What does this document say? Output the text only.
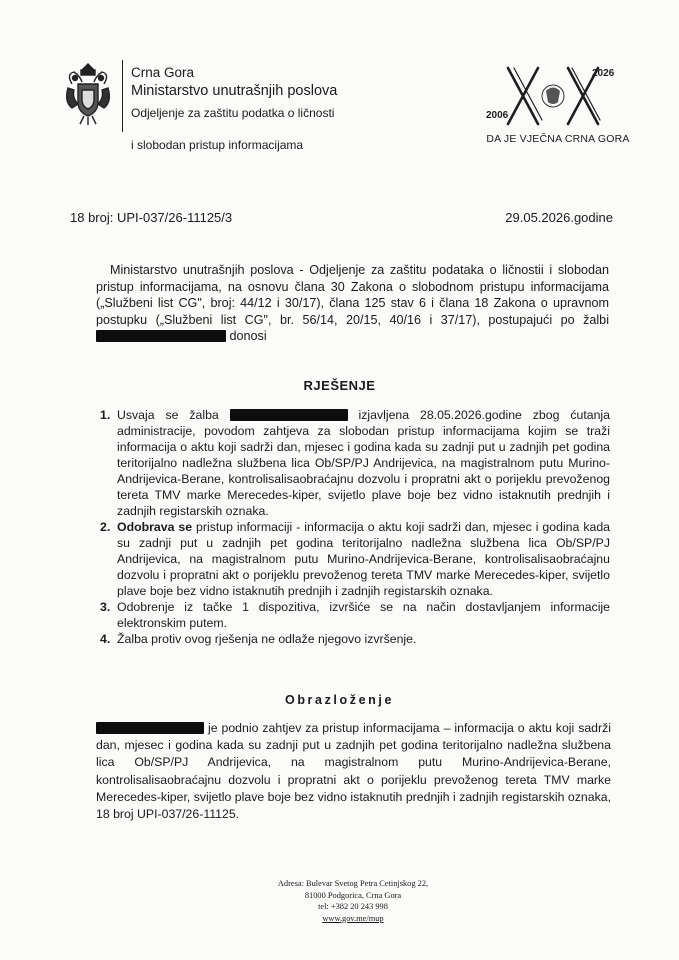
Crna Gora
Ministarstvo unutrašnjih poslova
Odjeljenje za zaštitu podatka o ličnosti
i slobodan pristup informacijama
2006
2026
DA JE VJEČNA CRNA GORA
18 broj: UPI-037/26-11125/3	29.05.2026.godine
Ministarstvo unutrašnjih poslova - Odjeljenje za zaštitu podataka o ličnostii i slobodan pristup informacijama, na osnovu člana 30 Zakona o slobodnom pristupu informacijama („Službeni list CG", broj: 44/12 i 30/17), člana 125 stav 6 i člana 18 Zakona o upravnom postupku („Službeni list CG", br. 56/14, 20/15, 40/16 i 37/17), postupajući po žalbi  donosi
RJEŠENJE
1. Usvaja se žalba	izjavljena 28.05.2026.godine zbog ćutanja administracije, povodom zahtjeva za slobodan pristup informacijama kojim se traži informacija o aktu koji sadrži dan, mjesec i godina kada su zadnji put u zadnjih pet godina teritorijalno nadležna službena lica Ob/SP/PJ Andrijevica, na magistralnom putu Murino-Andrijevica-Berane, kontrolisalisaobraćajnu dozvolu i propratni akt o porijeklu prevoženog tereta TMV marke Merecedes-kiper, svijetlo plave boje bez vidno istaknutih prednjih i zadnjih registarskih oznaka.
2. Odobrava se pristup informaciji - informacija o aktu koji sadrži dan, mjesec i godina kada su zadnji put u zadnjih pet godina teritorijalno nadležna službena lica Ob/SP/PJ Andrijevica, na magistralnom putu Murino-Andrijevica-Berane, kontrolisalisaobraćajnu dozvolu i propratni akt o porijeklu prevoženog tereta TMV marke Merecedes-kiper, svijetlo plave boje bez vidno istaknutih prednjih i zadnjih registarskih oznaka.
3. Odobrenje iz tačke 1 dispozitiva, izvršiće se na način dostavljanjem informacije elektronskim putem.
4. Žalba protiv ovog rješenja ne odlaže njegovo izvršenje.
Obrazloženje
je podnio zahtjev za pristup informacijama – informacija o aktu koji sadrži dan, mjesec i godina kada su zadnji put u zadnjih pet godina teritorijalno nadležna službena lica Ob/SP/PJ Andrijevica, na magistralnom putu Murino-Andrijevica-Berane, kontrolisalisaobraćajnu dozvolu i propratni akt o porijeklu prevoženog tereta TMV marke Merecedes-kiper, svijetlo plave boje bez vidno istaknutih prednjih i zadnjih registarskih oznaka, 18 broj UPI-037/26-11125.
Adresa: Bulevar Svetog Petra Cetinjskog 22,
81000 Podgorica, Crna Gora
tel: +382 20 243 998
www.gov.me/mup
